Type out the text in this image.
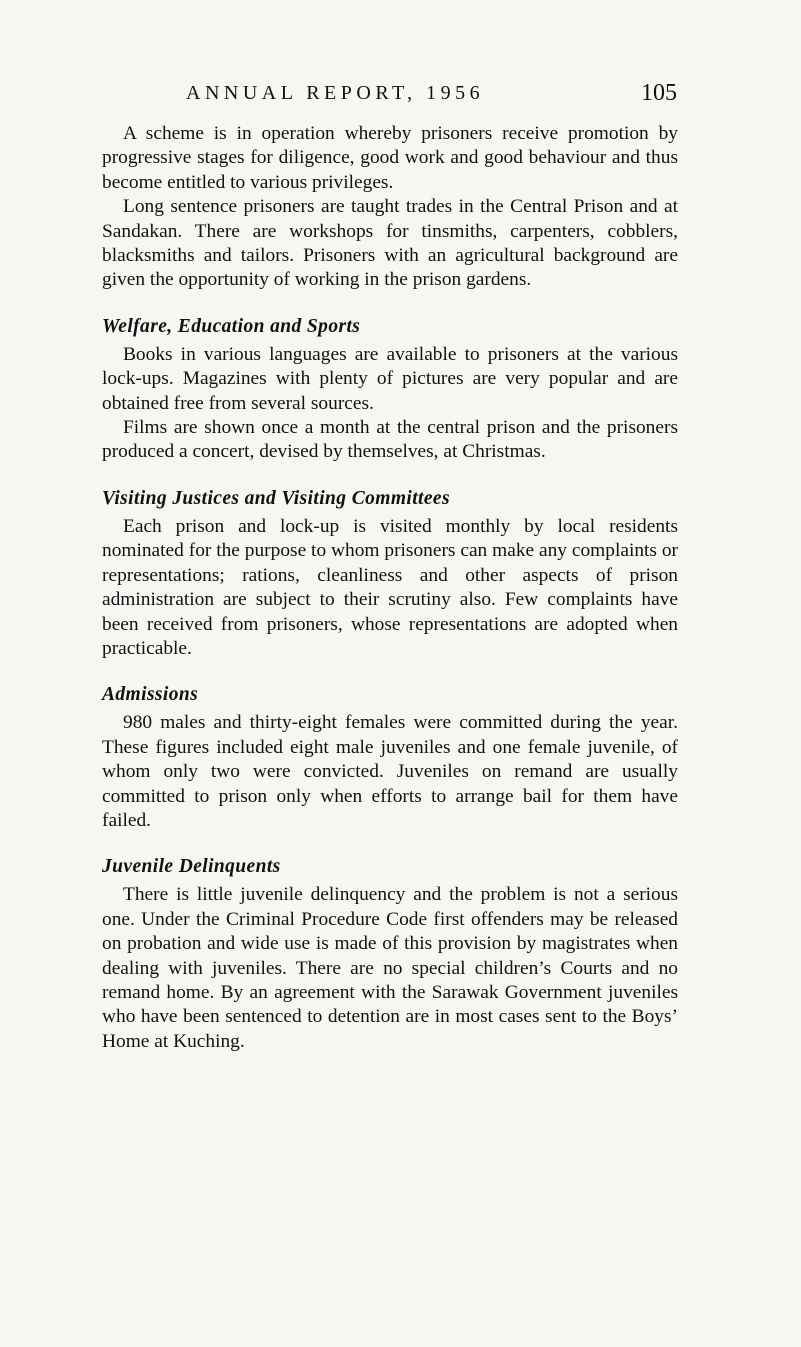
ANNUAL REPORT, 1956	105

A scheme is in operation whereby prisoners receive promotion by progressive stages for diligence, good work and good behaviour and thus become entitled to various privileges.

Long sentence prisoners are taught trades in the Central Prison and at Sandakan. There are workshops for tinsmiths, carpenters, cobblers, blacksmiths and tailors. Prisoners with an agricultural background are given the opportunity of working in the prison gardens.

Welfare, Education and Sports

Books in various languages are available to prisoners at the various lock-ups. Magazines with plenty of pictures are very popular and are obtained free from several sources.

Films are shown once a month at the central prison and the prisoners produced a concert, devised by themselves, at Christmas.

Visiting Justices and Visiting Committees

Each prison and lock-up is visited monthly by local residents nominated for the purpose to whom prisoners can make any complaints or representations; rations, cleanliness and other aspects of prison administration are subject to their scrutiny also. Few complaints have been received from prisoners, whose representations are adopted when practicable.

Admissions

980 males and thirty-eight females were committed during the year. These figures included eight male juveniles and one female juvenile, of whom only two were convicted. Juveniles on remand are usually committed to prison only when efforts to arrange bail for them have failed.

Juvenile Delinquents

There is little juvenile delinquency and the problem is not a serious one. Under the Criminal Procedure Code first offenders may be released on probation and wide use is made of this provision by magistrates when dealing with juveniles. There are no special children’s Courts and no remand home. By an agreement with the Sarawak Government juveniles who have been sentenced to detention are in most cases sent to the Boys’ Home at Kuching.
